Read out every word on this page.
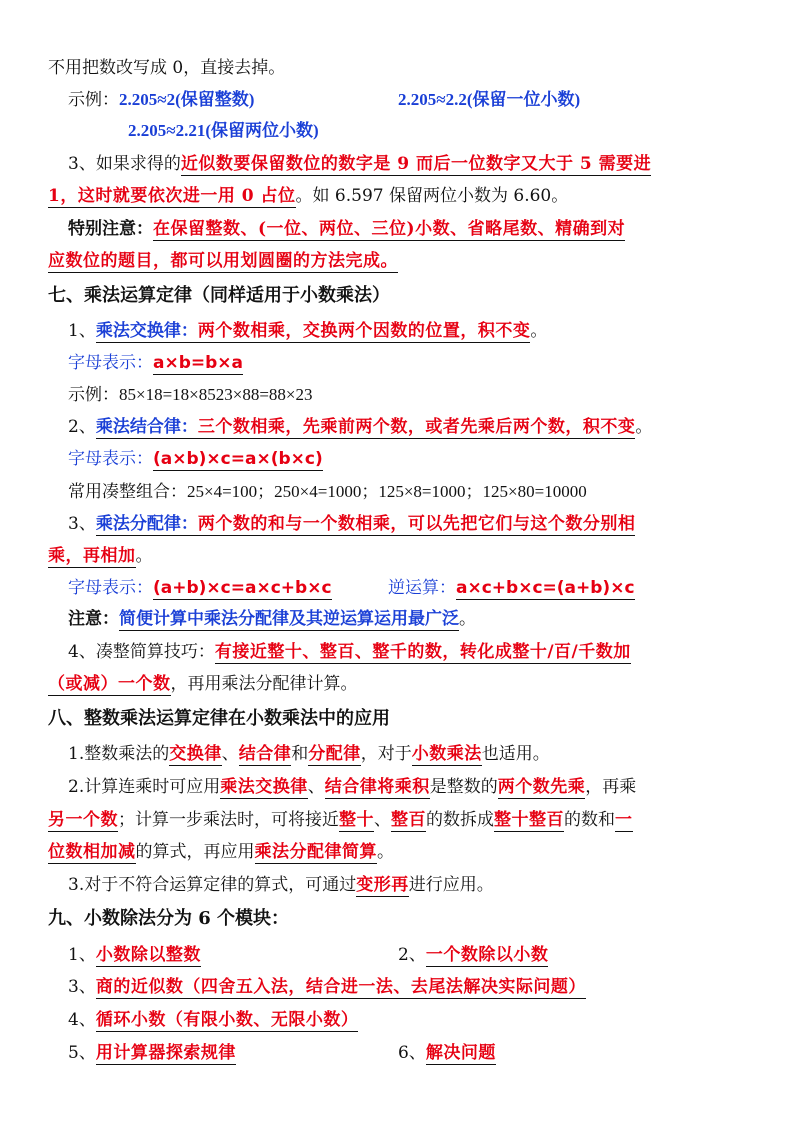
不用把数改写成 0，直接去掉。
示例：2.205≈2(保留整数)	2.205≈2.2(保留一位小数)
2.205≈2.21(保留两位小数)
3、如果求得的近似数要保留数位的数字是 9 而后一位数字又大于 5 需要进
1，这时就要依次进一用 0 占位。如 6.597 保留两位小数为 6.60。
特别注意：在保留整数、(一位、两位、三位)小数、省略尾数、精确到对
应数位的题目，都可以用划圆圈的方法完成。
七、乘法运算定律（同样适用于小数乘法）
1、乘法交换律：两个数相乘，交换两个因数的位置，积不变。
字母表示：a×b=b×a
示例：85×18=18×8523×88=88×23
2、乘法结合律：三个数相乘，先乘前两个数，或者先乘后两个数，积不变。
字母表示：(a×b)×c=a×(b×c)
常用凑整组合：25×4=100；250×4=1000；125×8=1000；125×80=10000
3、乘法分配律：两个数的和与一个数相乘，可以先把它们与这个数分别相
乘，再相加。
字母表示：(a+b)×c=a×c+b×c	逆运算：a×c+b×c=(a+b)×c
注意：简便计算中乘法分配律及其逆运算运用最广泛。
4、凑整简算技巧：有接近整十、整百、整千的数，转化成整十/百/千数加
（或减）一个数，再用乘法分配律计算。
八、整数乘法运算定律在小数乘法中的应用
1.整数乘法的交换律、结合律和分配律，对于小数乘法也适用。
2.计算连乘时可应用乘法交换律、结合律将乘积是整数的两个数先乘，再乘
另一个数；计算一步乘法时，可将接近整十、整百的数拆成整十整百的数和一
位数相加减的算式，再应用乘法分配律简算。
3.对于不符合运算定律的算式，可通过变形再进行应用。
九、小数除法分为 6 个模块：
1、小数除以整数	2、一个数除以小数
3、商的近似数（四舍五入法，结合进一法、去尾法解决实际问题）
4、循环小数（有限小数、无限小数）
5、用计算器探索规律	6、解决问题
